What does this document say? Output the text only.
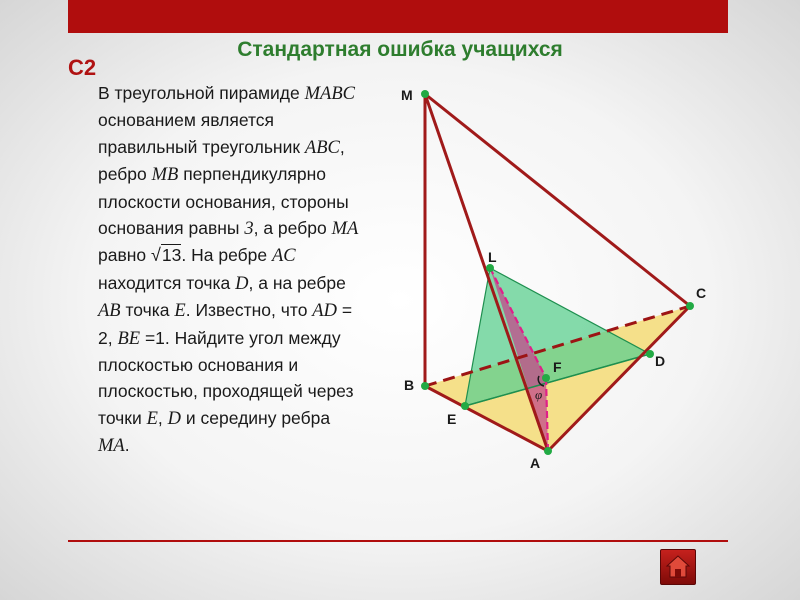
Стандартная ошибка учащихся
C2
В треугольной пирамиде MABC основанием является правильный треугольник ABC, ребро MB перпендикулярно плоскости основания, стороны основания равны 3, а ребро MA равно √13. На ребре AC находится точка D, а на ребре AB точка E. Известно, что AD = 2, BE =1. Найдите угол между плоскостью основания и плоскостью, проходящей через точки E, D и середину ребра MA.
M
L
C
D
F
B
E
A
φ
